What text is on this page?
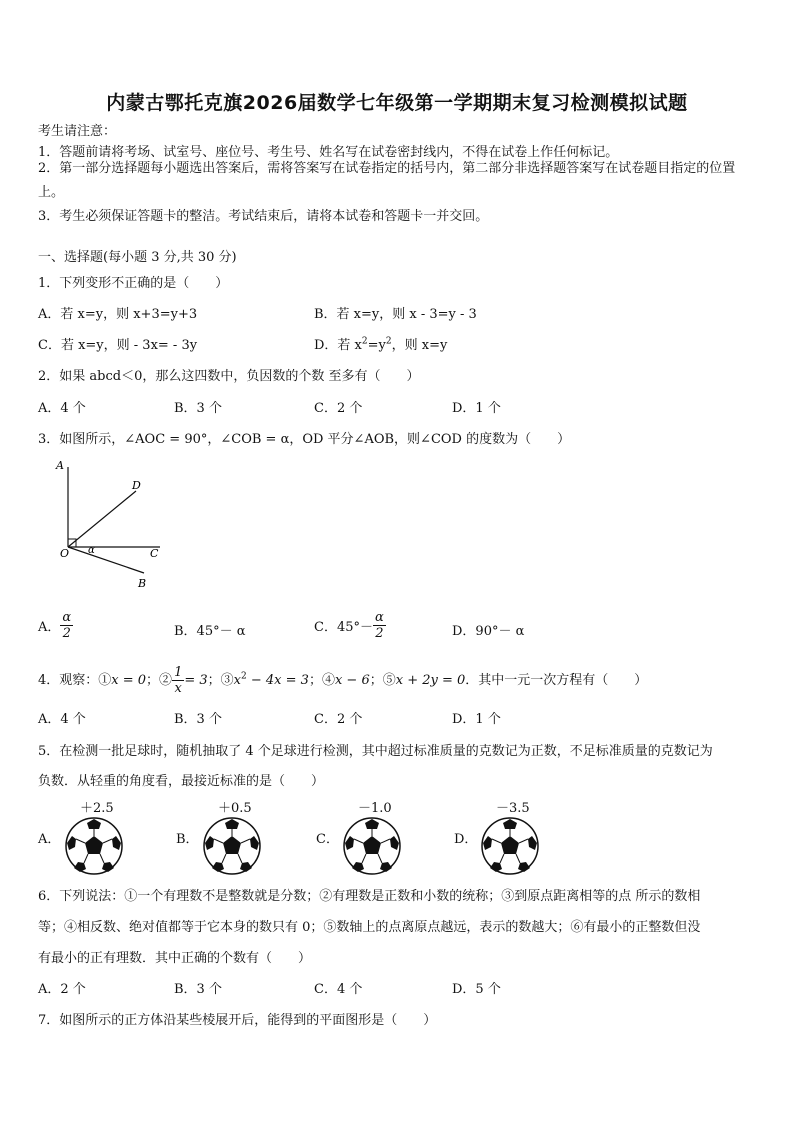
内蒙古鄂托克旗2026届数学七年级第一学期期末复习检测模拟试题
考生请注意：
1．答题前请将考场、试室号、座位号、考生号、姓名写在试卷密封线内，不得在试卷上作任何标记。
2．第一部分选择题每小题选出答案后，需将答案写在试卷指定的括号内，第二部分非选择题答案写在试卷题目指定的位置上。
3．考生必须保证答题卡的整洁。考试结束后，请将本试卷和答题卡一并交回。
一、选择题(每小题 3 分,共 30 分)
1．下列变形不正确的是（　　）
A．若 x=y，则 x+3=y+3	B．若 x=y，则 x - 3=y - 3
C．若 x=y，则 - 3x= - 3y	D．若 $x^2=y^2$，则 x=y
2．如果 abcd＜0，那么这四数中，负因数的个数 至多有（　　）
A．4 个	B．3 个	C．2 个	D．1 个
3．如图所示，∠AOC = 90°，∠COB = α，OD 平分∠AOB，则∠COD 的度数为（　　）
A
D
O	C
B
α
A． $\frac{\alpha}{2}$	B．45°－ α	C．$45^\circ- \frac{\alpha}{2}$	D．90°－ α
4．观察：①x = 0；② $\frac{1}{x} = 3$；$③x^2 - 4x = 3$；④x − 6；⑤x + 2y = 0．其中一元一次方程有（　　）
A．4 个	B．3 个	C．2 个	D．1 个
5．在检测一批足球时，随机抽取了 4 个足球进行检测，其中超过标准质量的克数记为正数，不足标准质量的克数记为
负数．从轻重的角度看，最接近标准的是（　　）
A．
＋2.5
B．
＋0.5
C．
－1.0
D．
－3.5
6．下列说法：①一个有理数不是整数就是分数；②有理数是正数和小数的统称；③到原点距离相等的点 所示的数相
等；④相反数、绝对值都等于它本身的数只有 0；⑤数轴上的点离原点越远，表示的数越大；⑥有最小的正整数但没
有最小的正有理数．其中正确的个数有（　　）
A．2 个	B．3 个	C．4 个	D．5 个
7．如图所示的正方体沿某些棱展开后，能得到的平面图形是（　　）
